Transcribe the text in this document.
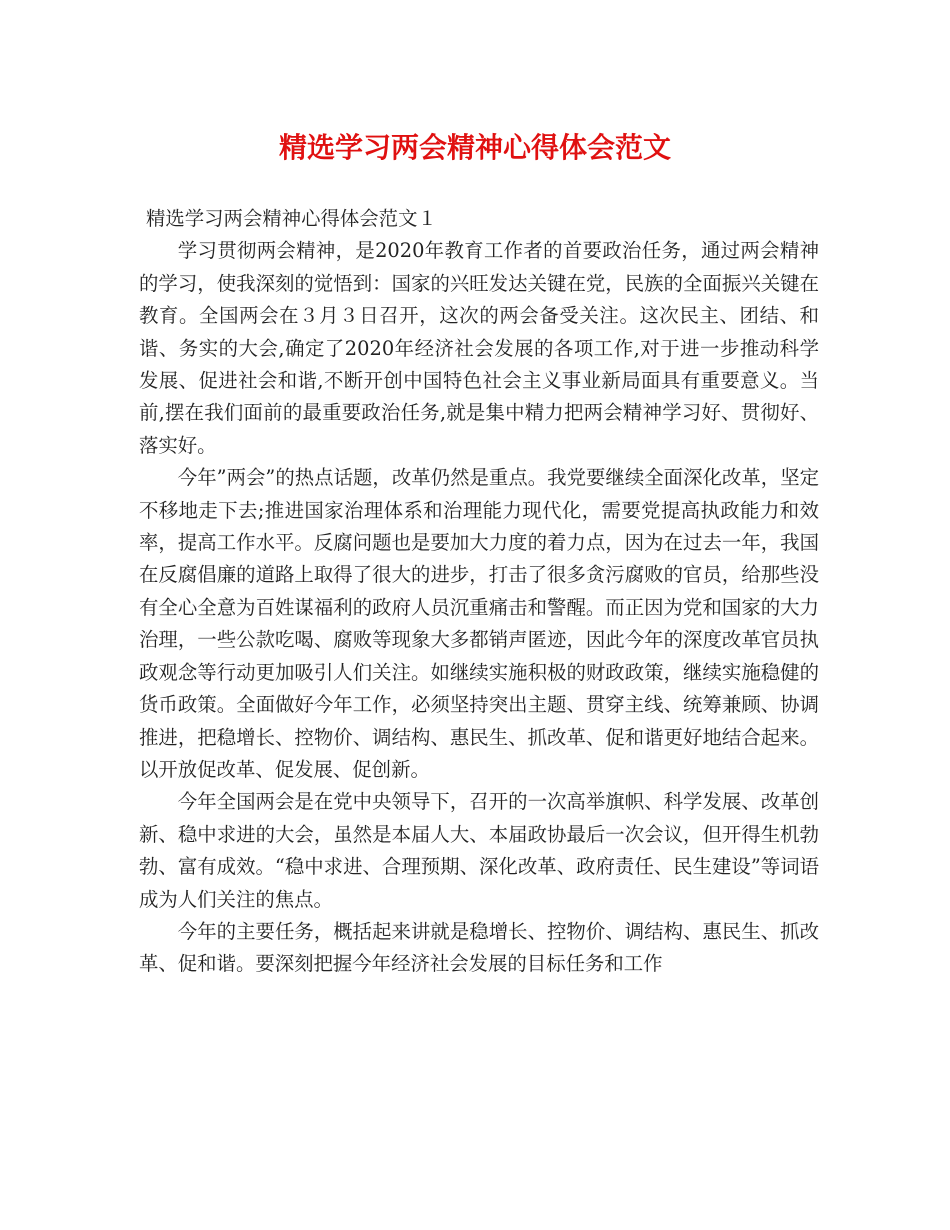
精选学习两会精神心得体会范文

精选学习两会精神心得体会范文１

学习贯彻两会精神，是2020年教育工作者的首要政治任务，通过两会精神的学习，使我深刻的觉悟到：国家的兴旺发达关键在党，民族的全面振兴关键在教育。全国两会在３月３日召开，这次的两会备受关注。这次民主、团结、和谐、务实的大会,确定了2020年经济社会发展的各项工作,对于进一步推动科学发展、促进社会和谐,不断开创中国特色社会主义事业新局面具有重要意义。当前,摆在我们面前的最重要政治任务,就是集中精力把两会精神学习好、贯彻好、落实好。

今年”两会”的热点话题，改革仍然是重点。我党要继续全面深化改革，坚定不移地走下去;推进国家治理体系和治理能力现代化，需要党提高执政能力和效率，提高工作水平。反腐问题也是要加大力度的着力点，因为在过去一年，我国在反腐倡廉的道路上取得了很大的进步，打击了很多贪污腐败的官员，给那些没有全心全意为百姓谋福利的政府人员沉重痛击和警醒。而正因为党和国家的大力治理，一些公款吃喝、腐败等现象大多都销声匿迹，因此今年的深度改革官员执政观念等行动更加吸引人们关注。如继续实施积极的财政政策，继续实施稳健的货币政策。全面做好今年工作，必须坚持突出主题、贯穿主线、统筹兼顾、协调推进，把稳增长、控物价、调结构、惠民生、抓改革、促和谐更好地结合起来。以开放促改革、促发展、促创新。

今年全国两会是在党中央领导下，召开的一次高举旗帜、科学发展、改革创新、稳中求进的大会，虽然是本届人大、本届政协最后一次会议，但开得生机勃勃、富有成效。“稳中求进、合理预期、深化改革、政府责任、民生建设”等词语成为人们关注的焦点。

今年的主要任务，概括起来讲就是稳增长、控物价、调结构、惠民生、抓改革、促和谐。要深刻把握今年经济社会发展的目标任务和工作
